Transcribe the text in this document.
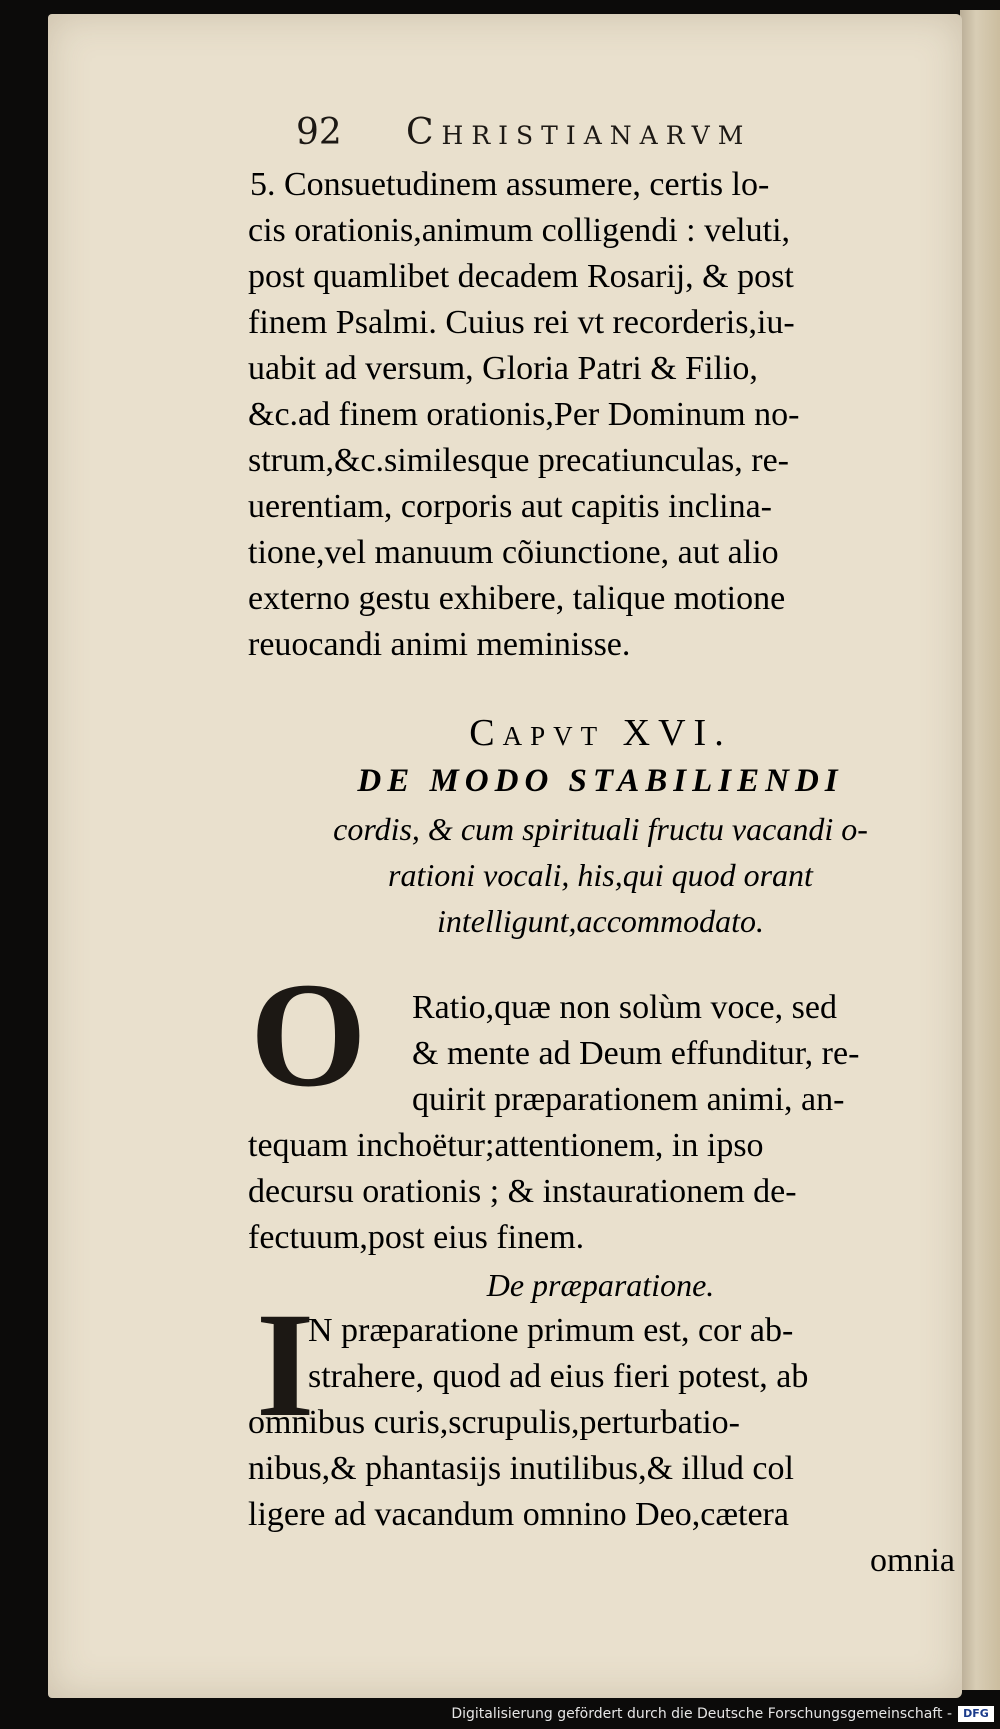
92 Christianarvm
5. Consuetudinem assumere, certis lo-
cis orationis,animum colligendi : veluti,
post quamlibet decadem Rosarij, & post
finem Psalmi. Cuius rei vt recorderis,iu-
uabit ad versum, Gloria Patri & Filio,
&c.ad finem orationis,Per Dominum no-
strum,&c.similesque precatiunculas, re-
uerentiam, corporis aut capitis inclina-
tione,vel manuum cõiunctione, aut alio
externo gestu exhibere, talique motione
reuocandi animi meminisse.
Capvt XVI.
DE MODO STABILIENDI
cordis, & cum spirituali fructu vacandi o-
rationi vocali, his,qui quod orant
intelligunt,accommodato.
O Ratio,quæ non solùm voce, sed
& mente ad Deum effunditur, re-
quirit præparationem animi, an-
tequam inchoëtur;attentionem, in ipso
decursu orationis ; & instaurationem de-
fectuum,post eius finem.
De præparatione.
I
N præparatione primum est, cor ab-
strahere, quod ad eius fieri potest, ab
omnibus curis,scrupulis,perturbatio-
nibus,& phantasijs inutilibus,& illud col
ligere ad vacandum omnino Deo,cætera
omnia
Digitalisierung gefördert durch die Deutsche Forschungsgemeinschaft -	DFG
